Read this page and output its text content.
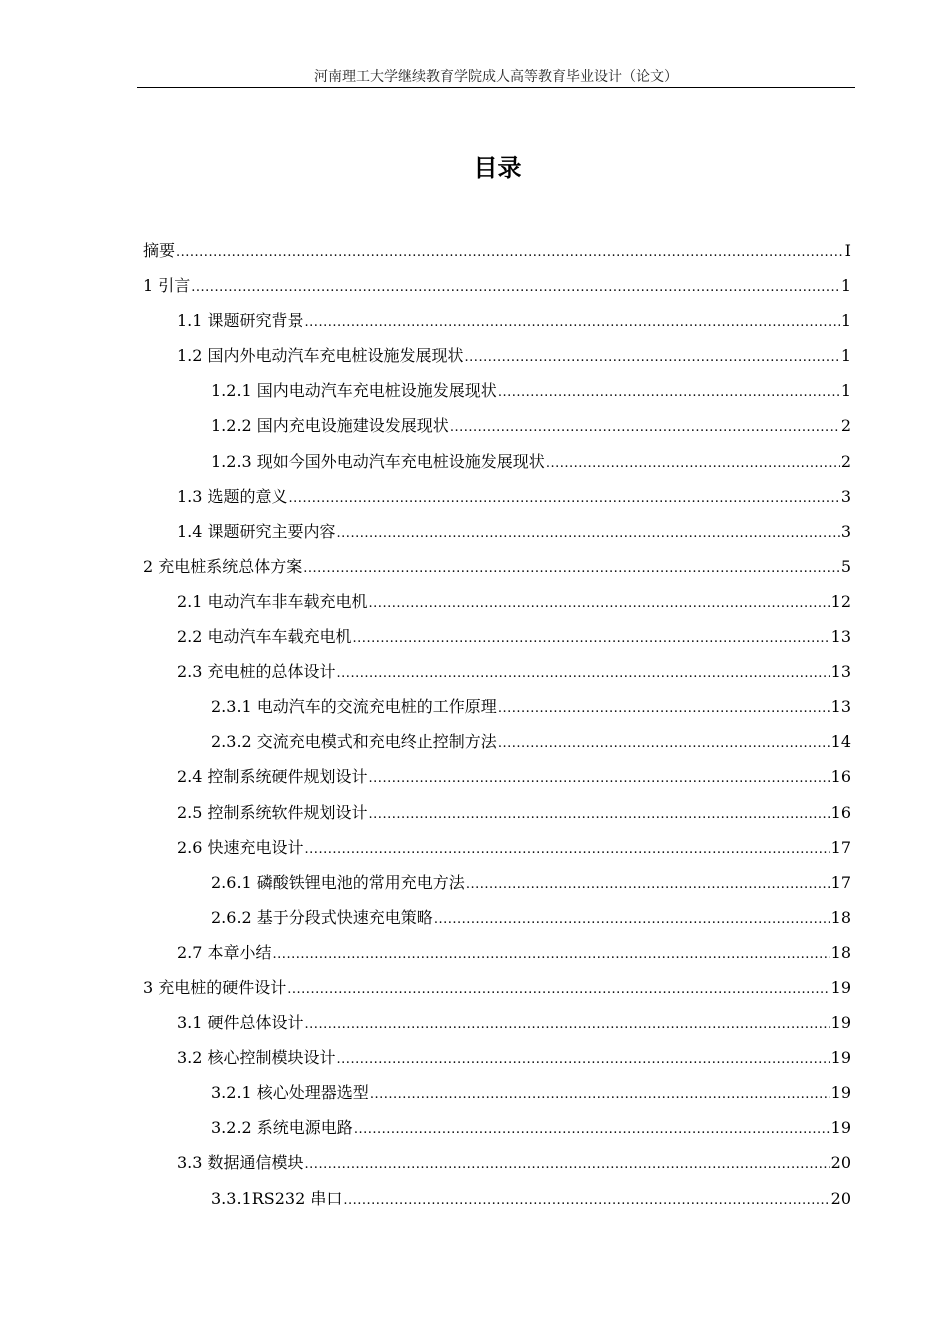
河南理工大学继续教育学院成人高等教育毕业设计（论文）
目录
摘要 .....	I
1 引言 .....	1
1.1 课题研究背景 .....	1
1.2 国内外电动汽车充电桩设施发展现状 .....	1
1.2.1 国内电动汽车充电桩设施发展现状 .....	1
1.2.2 国内充电设施建设发展现状 .....	2
1.2.3 现如今国外电动汽车充电桩设施发展现状 .....	2
1.3 选题的意义 .....	3
1.4 课题研究主要内容 .....	3
2 充电桩系统总体方案 .....	5
2.1 电动汽车非车载充电机 .....	12
2.2 电动汽车车载充电机 .....	13
2.3 充电桩的总体设计 .....	13
2.3.1 电动汽车的交流充电桩的工作原理 .....	13
2.3.2 交流充电模式和充电终止控制方法 .....	14
2.4 控制系统硬件规划设计 .....	16
2.5 控制系统软件规划设计 .....	16
2.6 快速充电设计 .....	17
2.6.1 磷酸铁锂电池的常用充电方法 .....	17
2.6.2 基于分段式快速充电策略 .....	18
2.7 本章小结 .....	18
3 充电桩的硬件设计 .....	19
3.1 硬件总体设计 .....	19
3.2 核心控制模块设计 .....	19
3.2.1 核心处理器选型 .....	19
3.2.2 系统电源电路 .....	19
3.3 数据通信模块 .....	20
3.3.1RS232 串口 .....	20
